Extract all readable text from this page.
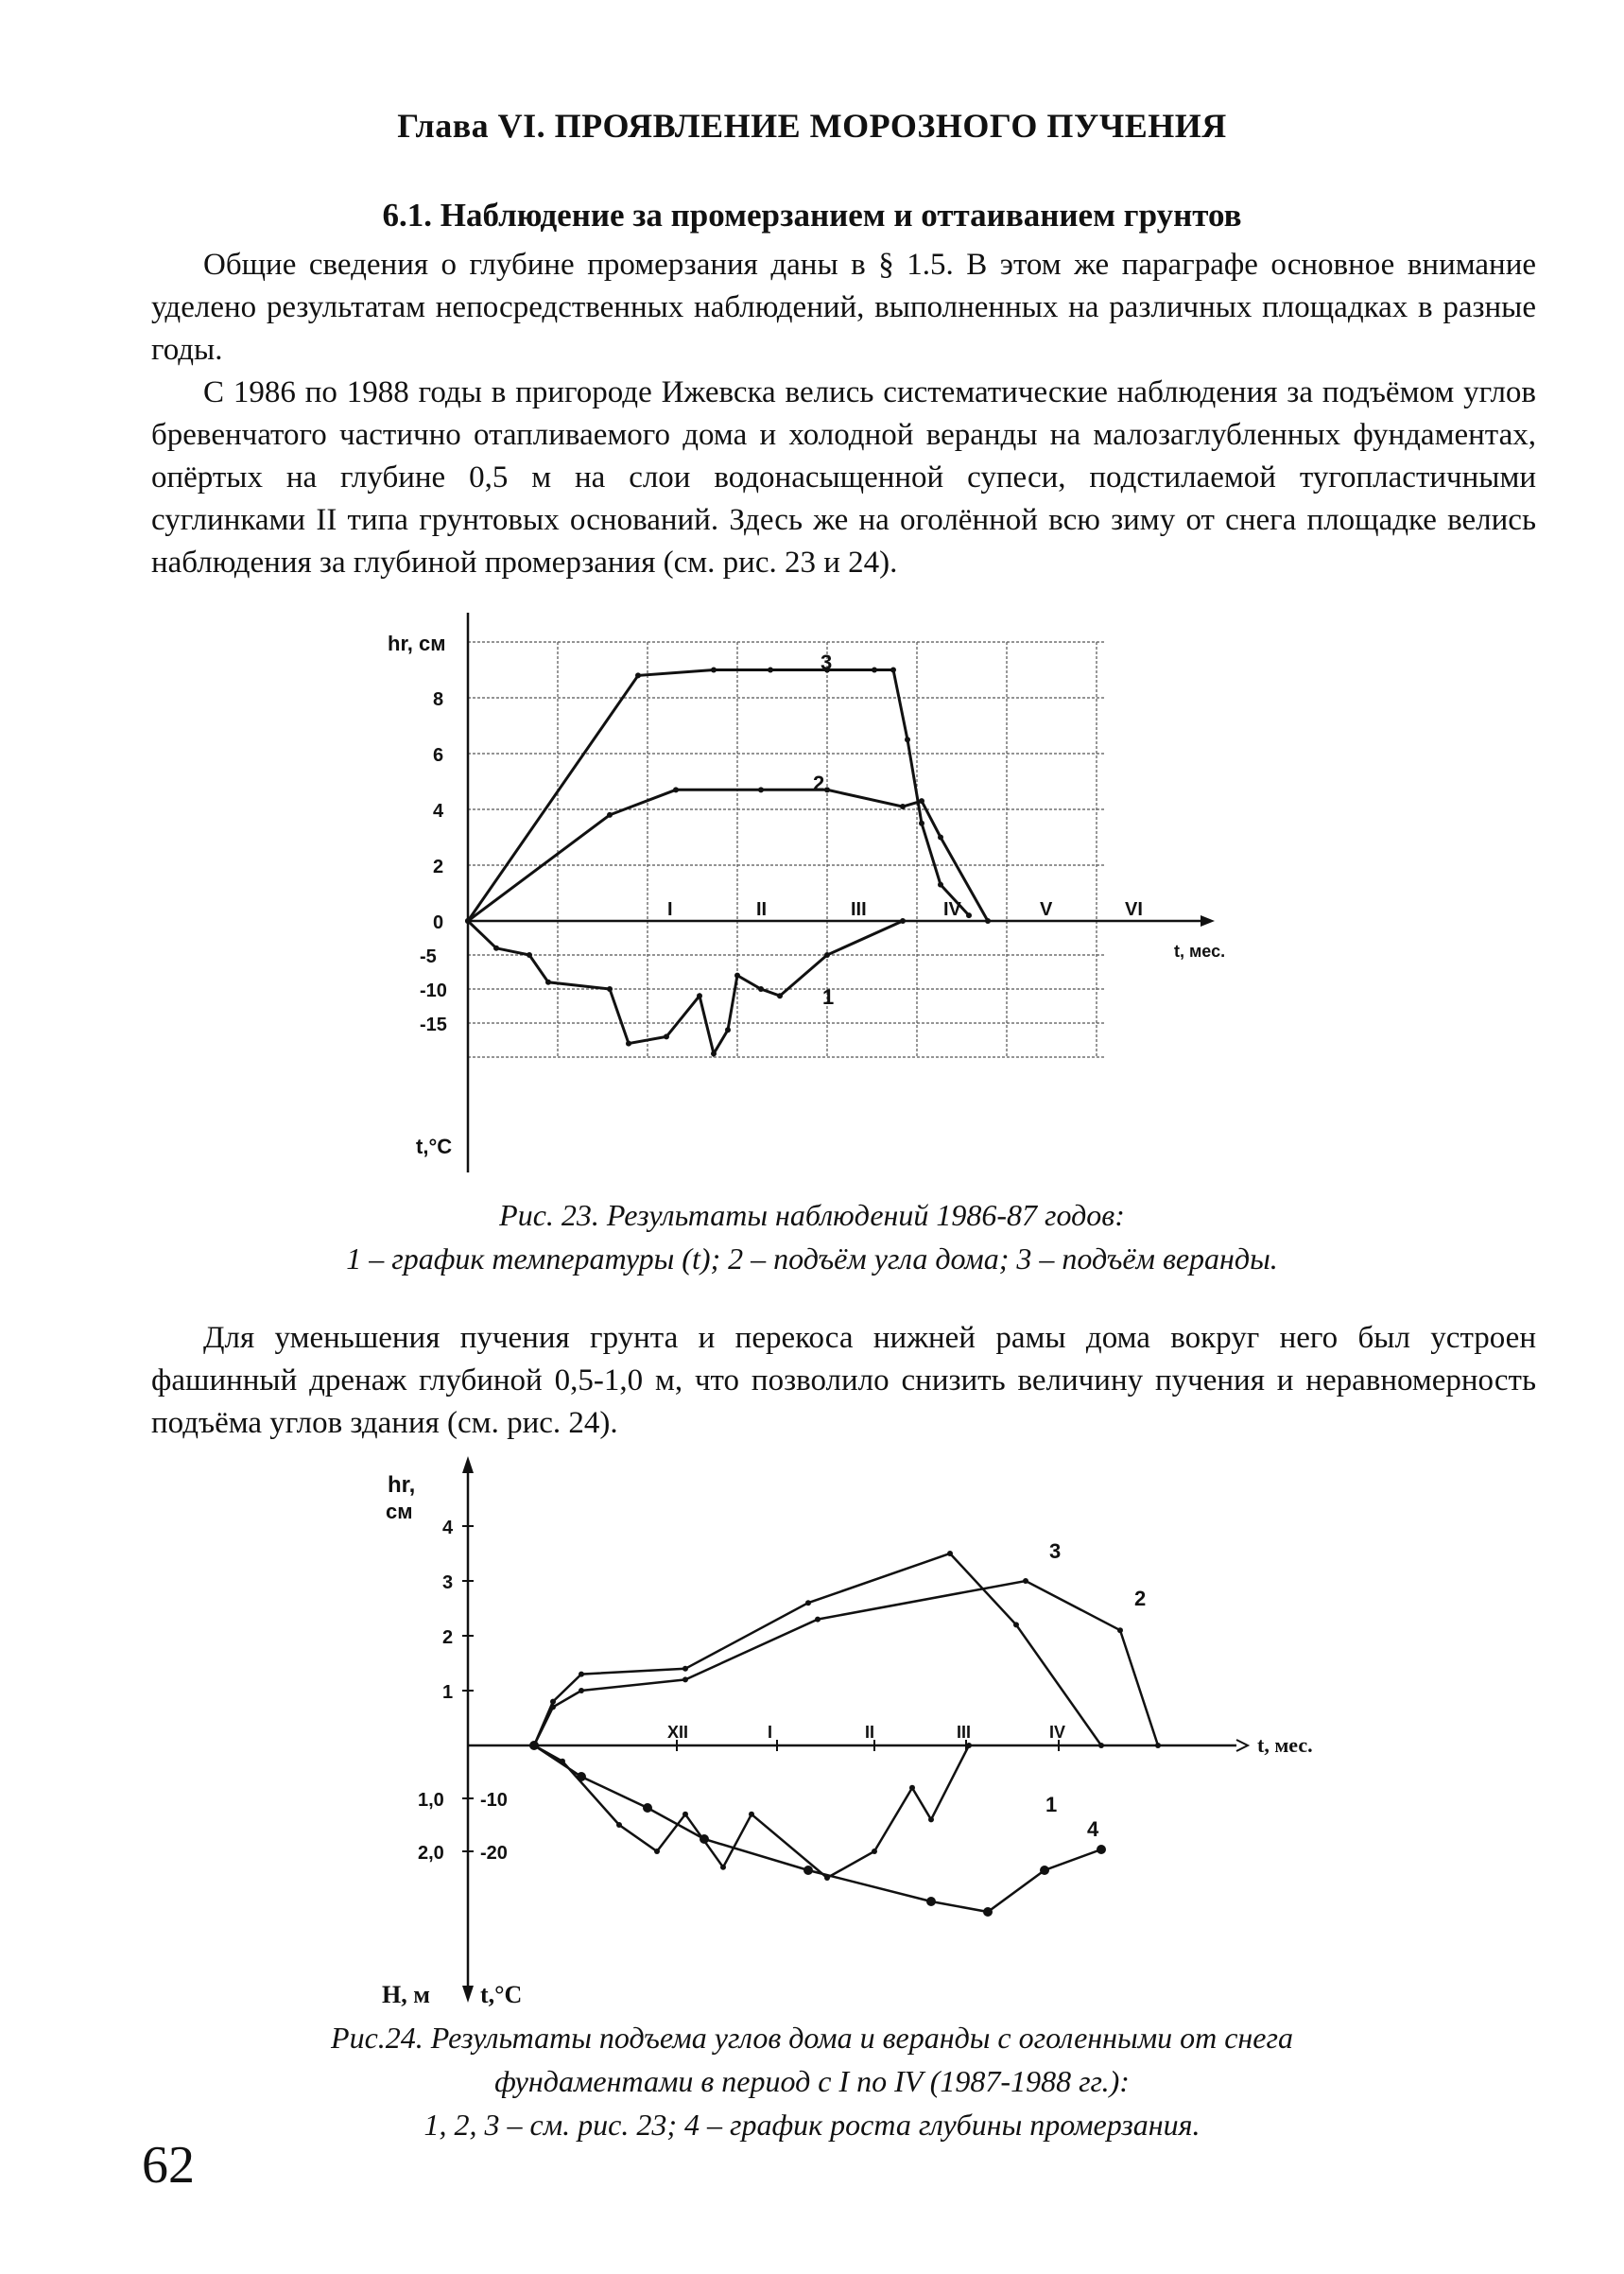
Глава VI. ПРОЯВЛЕНИЕ МОРОЗНОГО ПУЧЕНИЯ
6.1. Наблюдение за промерзанием и оттаиванием грунтов
Общие сведения о глубине промерзания даны в § 1.5. В этом же параграфе основное внимание уделено результатам непосредственных наблюдений, выполненных на различных площадках в разные годы.
С 1986 по 1988 годы в пригороде Ижевска велись систематические наблюдения за подъёмом углов бревенчатого частично отапливаемого дома и холодной веранды на малозаглубленных фундаментах, опёртых на глубине 0,5 м на слои водонасыщенной супеси, подстилаемой тугопластичными суглинками II типа грунтовых оснований. Здесь же на оголённой всю зиму от снега площадке велись наблюдения за глубиной промерзания (см. рис. 23 и 24).
hr, см
t,°C
t, мес.
8
6
4
2
0
-5
-10
-15
I	II	III	IV	V	VI
1
2
3
Рис. 23. Результаты наблюдений 1986-87 годов:
1 – график температуры (t); 2 – подъём угла дома; 3 – подъём веранды.
Для уменьшения пучения грунта и перекоса нижней рамы дома вокруг него был устроен фашинный дренаж глубиной 0,5-1,0 м, что позволило снизить величину пучения и неравномерность подъёма углов здания (см. рис. 24).
hr,
см
H, м t,°C
t, мес.
4
3
2
1
-10
1,0
-20
2,0
XII	I	II	III	IV
3
2
1
4
Рис.24. Результаты подъема углов дома и веранды с оголенными от снега
фундаментами в период с I по IV (1987-1988 гг.):
1, 2, 3 – см. рис. 23; 4 – график роста глубины промерзания.
62
